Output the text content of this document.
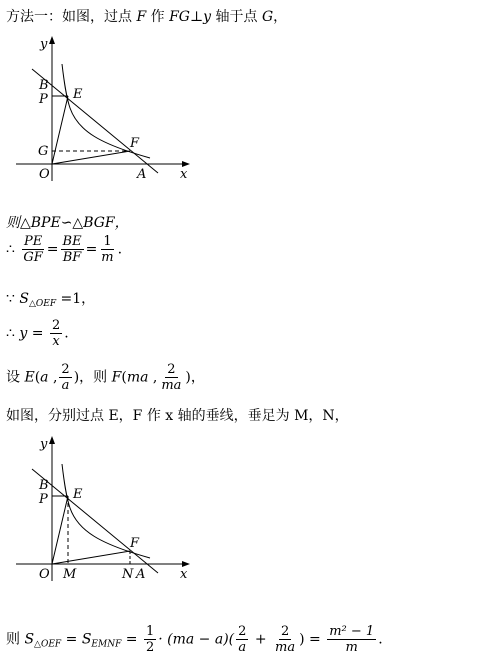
方法一：如图，过点 F 作 FG⊥y 轴于点 G，
y
x
B
P E
G
F
O	A
则△BPE∽△BGF，
∴ $\frac{PE}{GF} = \frac{BE}{BF} = \frac{1}{m}$ .
∵ $S_{\triangle OEF} =1$，
∴ $y = \frac{2}{x}$ .
设 E(a , $\frac{2}{a}$ )，则 F(ma , $\frac{2}{ma}$ )，
如图，分别过点 E，F 作 x 轴的垂线，垂足为 M，N，
y
x
B
P E
F
O M	N A
则 $S_{\triangle OEF} = S_{EMNF} = \frac{1}{2} \cdot (ma - a)( \frac{2}{a} + \frac{2}{ma}$ ) = $\frac{\text{m² − 1}}{m}$ .
